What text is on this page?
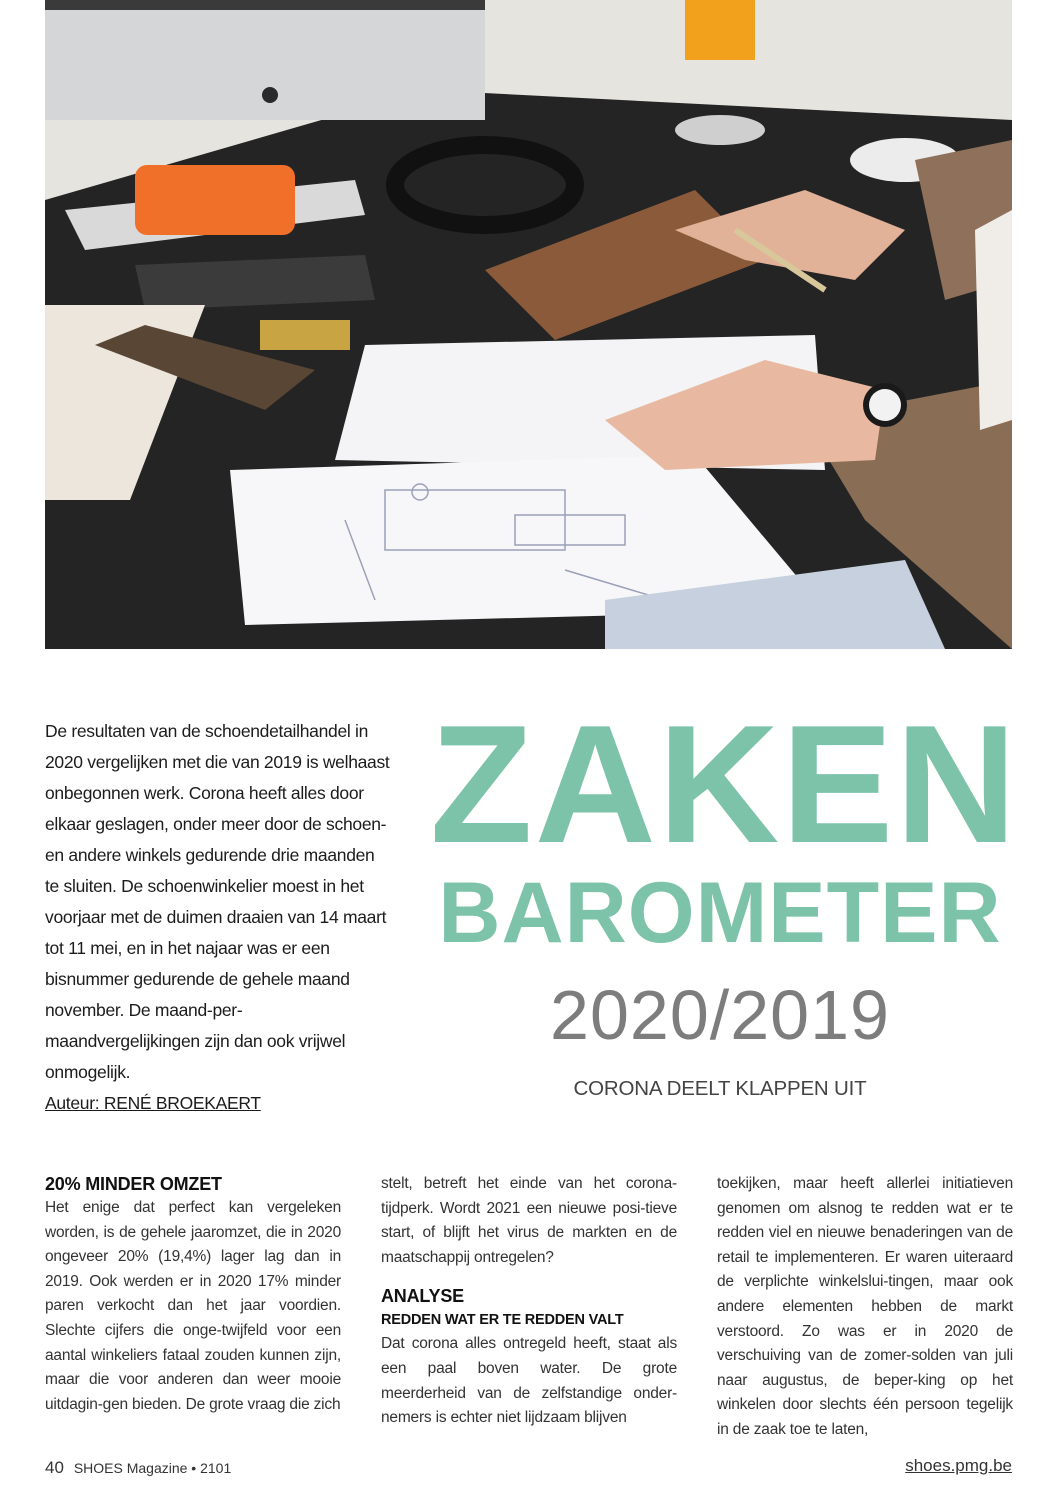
De resultaten van de schoendetailhandel in 2020 vergelijken met die van 2019 is welhaast onbegonnen werk. Corona heeft alles door elkaar geslagen, onder meer door de schoen- en andere winkels gedurende drie maanden te sluiten. De schoenwinkelier moest in het voorjaar met de duimen draaien van 14 maart tot 11 mei, en in het najaar was er een bisnummer gedurende de gehele maand november. De maand-per-maandvergelijkingen zijn dan ook vrijwel onmogelijk.
Auteur: RENÉ BROEKAERT
ZAKEN
BAROMETER
2020/2019
CORONA DEELT KLAPPEN UIT

20% MINDER OMZET

Het enige dat perfect kan vergeleken worden, is de gehele jaaromzet, die in 2020 ongeveer 20% (19,4%) lager lag dan in 2019. Ook werden er in 2020 17% minder paren verkocht dan het jaar voordien. Slechte cijfers die onge-twijfeld voor een aantal winkeliers fataal zouden kunnen zijn, maar die voor anderen dan weer mooie uitdagin-gen bieden. De grote vraag die zich

stelt, betreft het einde van het corona-tijdperk. Wordt 2021 een nieuwe posi-tieve start, of blijft het virus de markten en de maatschappij ontregelen?

ANALYSE

REDDEN WAT ER TE REDDEN VALT

Dat corona alles ontregeld heeft, staat als een paal boven water. De grote meerderheid van de zelfstandige onder-nemers is echter niet lijdzaam blijven

toekijken, maar heeft allerlei initiatieven genomen om alsnog te redden wat er te redden viel en nieuwe benaderingen van de retail te implementeren. Er waren uiteraard de verplichte winkelslui-tingen, maar ook andere elementen hebben de markt verstoord. Zo was er in 2020 de verschuiving van de zomer-solden van juli naar augustus, de beper-king op het winkelen door slechts één persoon tegelijk in de zaak toe te laten,

40 SHOES Magazine • 2101	shoes.pmg.be
